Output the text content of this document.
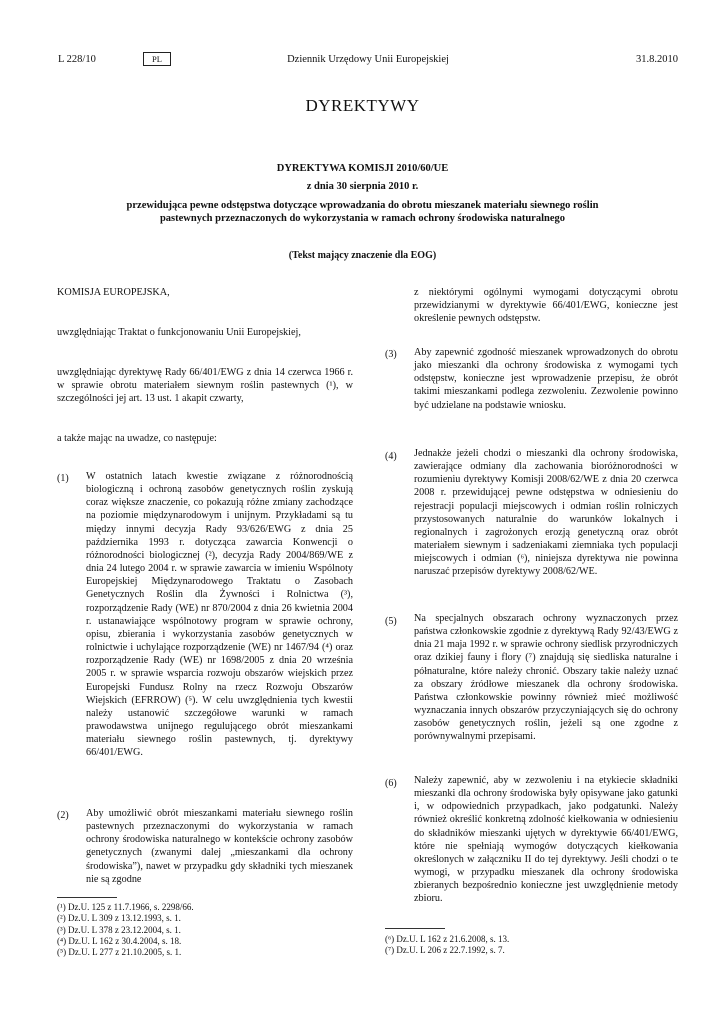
L 228/10	PL	Dziennik Urzędowy Unii Europejskiej	31.8.2010
DYREKTYWY
DYREKTYWA KOMISJI 2010/60/UE
z dnia 30 sierpnia 2010 r.
przewidująca pewne odstępstwa dotyczące wprowadzania do obrotu mieszanek materiału siewnego roślin pastewnych przeznaczonych do wykorzystania w ramach ochrony środowiska naturalnego
(Tekst mający znaczenie dla EOG)
KOMISJA EUROPEJSKA,
uwzględniając Traktat o funkcjonowaniu Unii Europejskiej,
uwzględniając dyrektywę Rady 66/401/EWG z dnia 14 czerwca 1966 r. w sprawie obrotu materiałem siewnym roślin pastewnych (¹), w szczególności jej art. 13 ust. 1 akapit czwarty,
a także mając na uwadze, co następuje:
(1) W ostatnich latach kwestie związane z różnorodnością biologiczną i ochroną zasobów genetycznych roślin zyskują coraz większe znaczenie, co pokazują różne zmiany zachodzące na poziomie międzynarodowym i unijnym. Przykładami są tu między innymi decyzja Rady 93/626/EWG z dnia 25 października 1993 r. dotycząca zawarcia Konwencji o różnorodności biologicznej (²), decyzja Rady 2004/869/WE z dnia 24 lutego 2004 r. w sprawie zawarcia w imieniu Wspólnoty Europejskiej Międzynarodowego Traktatu o Zasobach Genetycznych Roślin dla Żywności i Rolnictwa (³), rozporządzenie Rady (WE) nr 870/2004 z dnia 26 kwietnia 2004 r. ustanawiające wspólnotowy program w sprawie ochrony, opisu, zbierania i wykorzystania zasobów genetycznych w rolnictwie i uchylające rozporządzenie (WE) nr 1467/94 (⁴) oraz rozporządzenie Rady (WE) nr 1698/2005 z dnia 20 września 2005 r. w sprawie wsparcia rozwoju obszarów wiejskich przez Europejski Fundusz Rolny na rzecz Rozwoju Obszarów Wiejskich (EFRROW) (⁵). W celu uwzględnienia tych kwestii należy ustanowić szczegółowe warunki w ramach prawodawstwa unijnego regulującego obrót mieszankami materiału siewnego roślin pastewnych, tj. dyrektywy 66/401/EWG.
(2) Aby umożliwić obrót mieszankami materiału siewnego roślin pastewnych przeznaczonymi do wykorzystania w ramach ochrony środowiska naturalnego w kontekście ochrony zasobów genetycznych (zwanymi dalej „mieszankami dla ochrony środowiska”), nawet w przypadku gdy składniki tych mieszanek nie są zgodne
z niektórymi ogólnymi wymogami dotyczącymi obrotu przewidzianymi w dyrektywie 66/401/EWG, konieczne jest określenie pewnych odstępstw.
(3) Aby zapewnić zgodność mieszanek wprowadzonych do obrotu jako mieszanki dla ochrony środowiska z wymogami tych odstępstw, konieczne jest wprowadzenie przepisu, że obrót takimi mieszankami podlega zezwoleniu. Zezwolenie powinno być udzielane na podstawie wniosku.
(4) Jednakże jeżeli chodzi o mieszanki dla ochrony środowiska, zawierające odmiany dla zachowania bioróżnorodności w rozumieniu dyrektywy Komisji 2008/62/WE z dnia 20 czerwca 2008 r. przewidującej pewne odstępstwa w odniesieniu do rejestracji populacji miejscowych i odmian roślin rolniczych przystosowanych naturalnie do warunków lokalnych i regionalnych i zagrożonych erozją genetyczną oraz obrót materiałem siewnym i sadzeniakami ziemniaka tych populacji miejscowych i odmian (⁶), niniejsza dyrektywa nie powinna naruszać przepisów dyrektywy 2008/62/WE.
(5) Na specjalnych obszarach ochrony wyznaczonych przez państwa członkowskie zgodnie z dyrektywą Rady 92/43/EWG z dnia 21 maja 1992 r. w sprawie ochrony siedlisk przyrodniczych oraz dzikiej fauny i flory (⁷) znajdują się siedliska naturalne i półnaturalne, które należy chronić. Obszary takie należy uznać za obszary źródłowe mieszanek dla ochrony środowiska. Państwa członkowskie powinny również mieć możliwość wyznaczania innych obszarów przyczyniających się do ochrony zasobów genetycznych roślin, jeżeli są one zgodne z porównywalnymi przepisami.
(6) Należy zapewnić, aby w zezwoleniu i na etykiecie składniki mieszanki dla ochrony środowiska były opisywane jako gatunki i, w odpowiednich przypadkach, jako podgatunki. Należy również określić konkretną zdolność kiełkowania w odniesieniu do składników mieszanki ujętych w dyrektywie 66/401/EWG, które nie spełniają wymogów dotyczących kiełkowania określonych w załączniku II do tej dyrektywy. Jeśli chodzi o te wymogi, w przypadku mieszanek dla ochrony środowiska zbieranych bezpośrednio konieczne jest uwzględnienie metody zbioru.
(¹) Dz.U. 125 z 11.7.1966, s. 2298/66.
(²) Dz.U. L 309 z 13.12.1993, s. 1.
(³) Dz.U. L 378 z 23.12.2004, s. 1.
(⁴) Dz.U. L 162 z 30.4.2004, s. 18.
(⁵) Dz.U. L 277 z 21.10.2005, s. 1.
(⁶) Dz.U. L 162 z 21.6.2008, s. 13.
(⁷) Dz.U. L 206 z 22.7.1992, s. 7.
